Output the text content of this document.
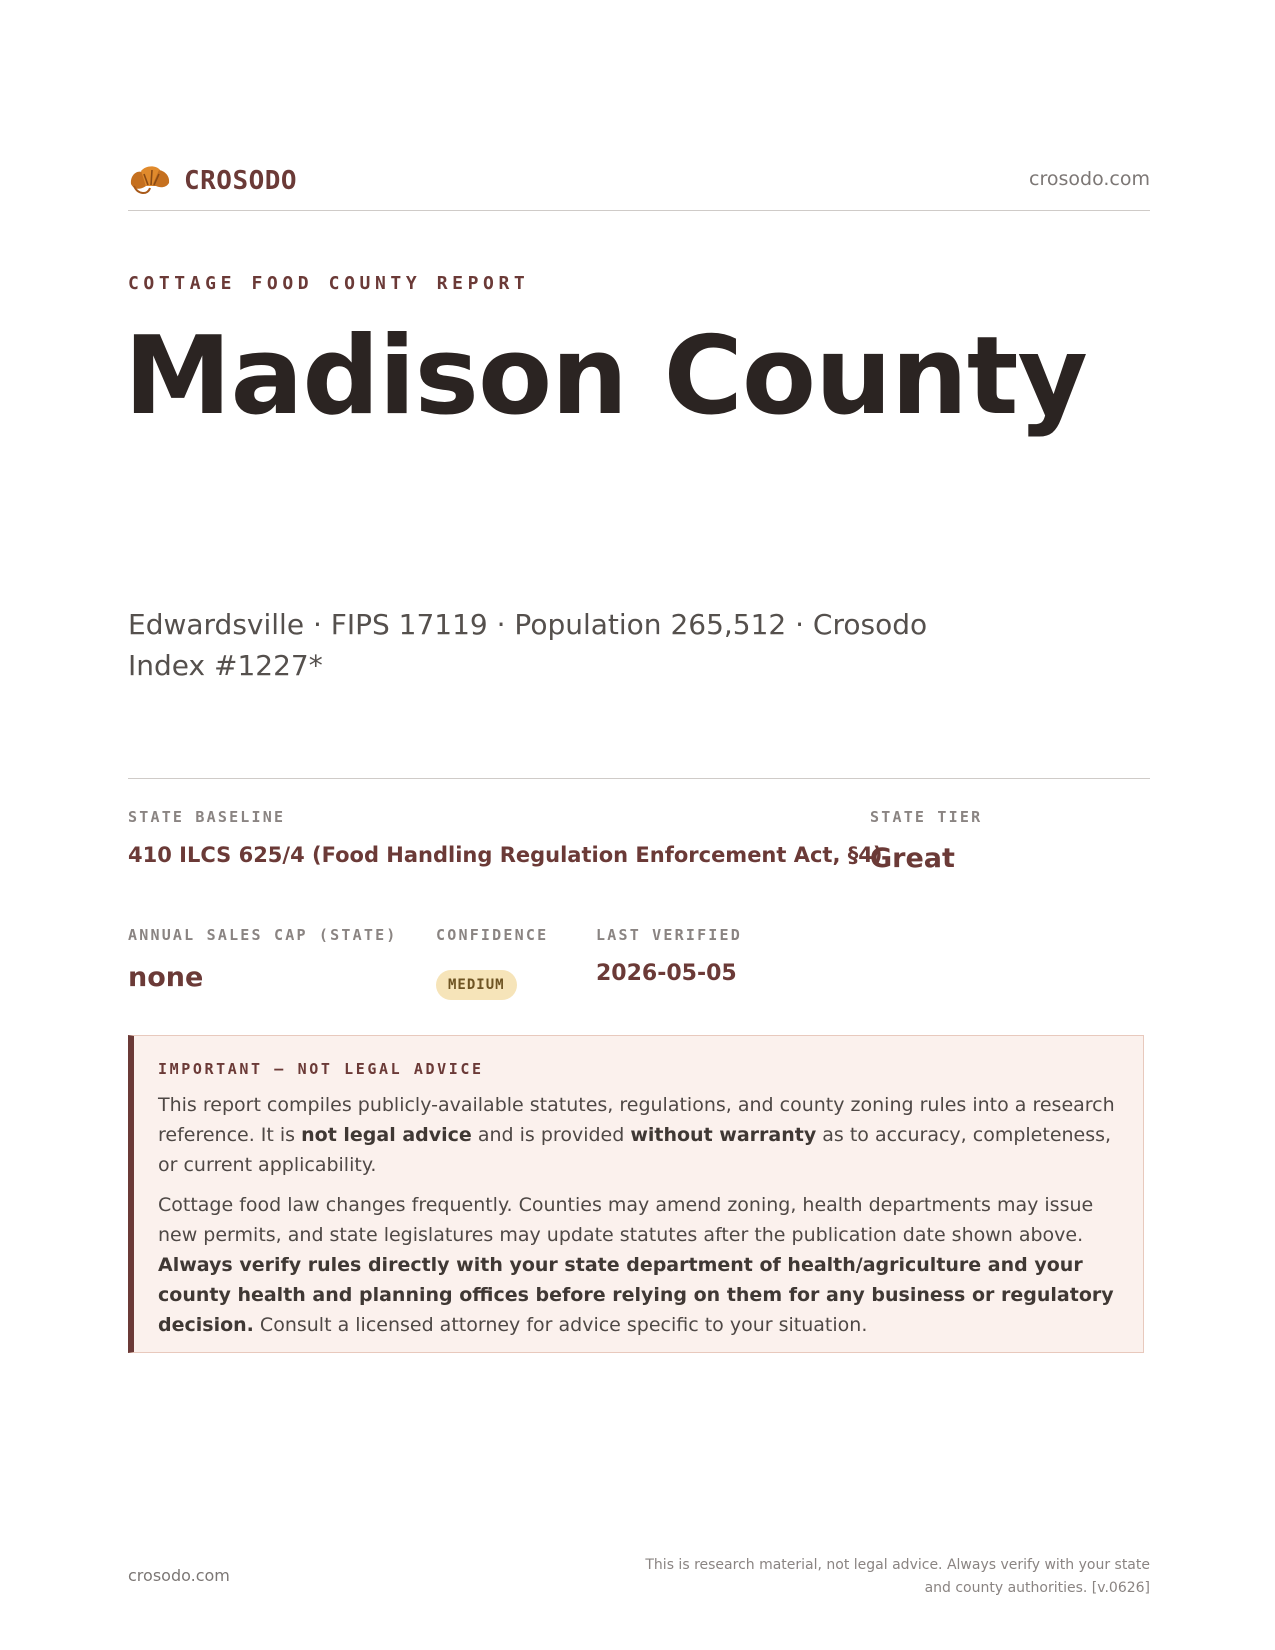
CROSODO	crosodo.com
COTTAGE FOOD COUNTY REPORT
Madison County
Edwardsville · FIPS 17119 · Population 265,512 · Crosodo Index #1227*
STATE BASELINE
410 ILCS 625/4 (Food Handling Regulation Enforcement Act, §4)
STATE TIER
Great
ANNUAL SALES CAP (STATE)
none
CONFIDENCE
MEDIUM
LAST VERIFIED
2026-05-05
IMPORTANT — NOT LEGAL ADVICE

This report compiles publicly-available statutes, regulations, and county zoning rules into a research reference. It is not legal advice and is provided without warranty as to accuracy, completeness, or current applicability.

Cottage food law changes frequently. Counties may amend zoning, health departments may issue new permits, and state legislatures may update statutes after the publication date shown above. Always verify rules directly with your state department of health/agriculture and your county health and planning offices before relying on them for any business or regulatory decision. Consult a licensed attorney for advice specific to your situation.

crosodo.com
This is research material, not legal advice. Always verify with your state
and county authorities. [v.0626]
